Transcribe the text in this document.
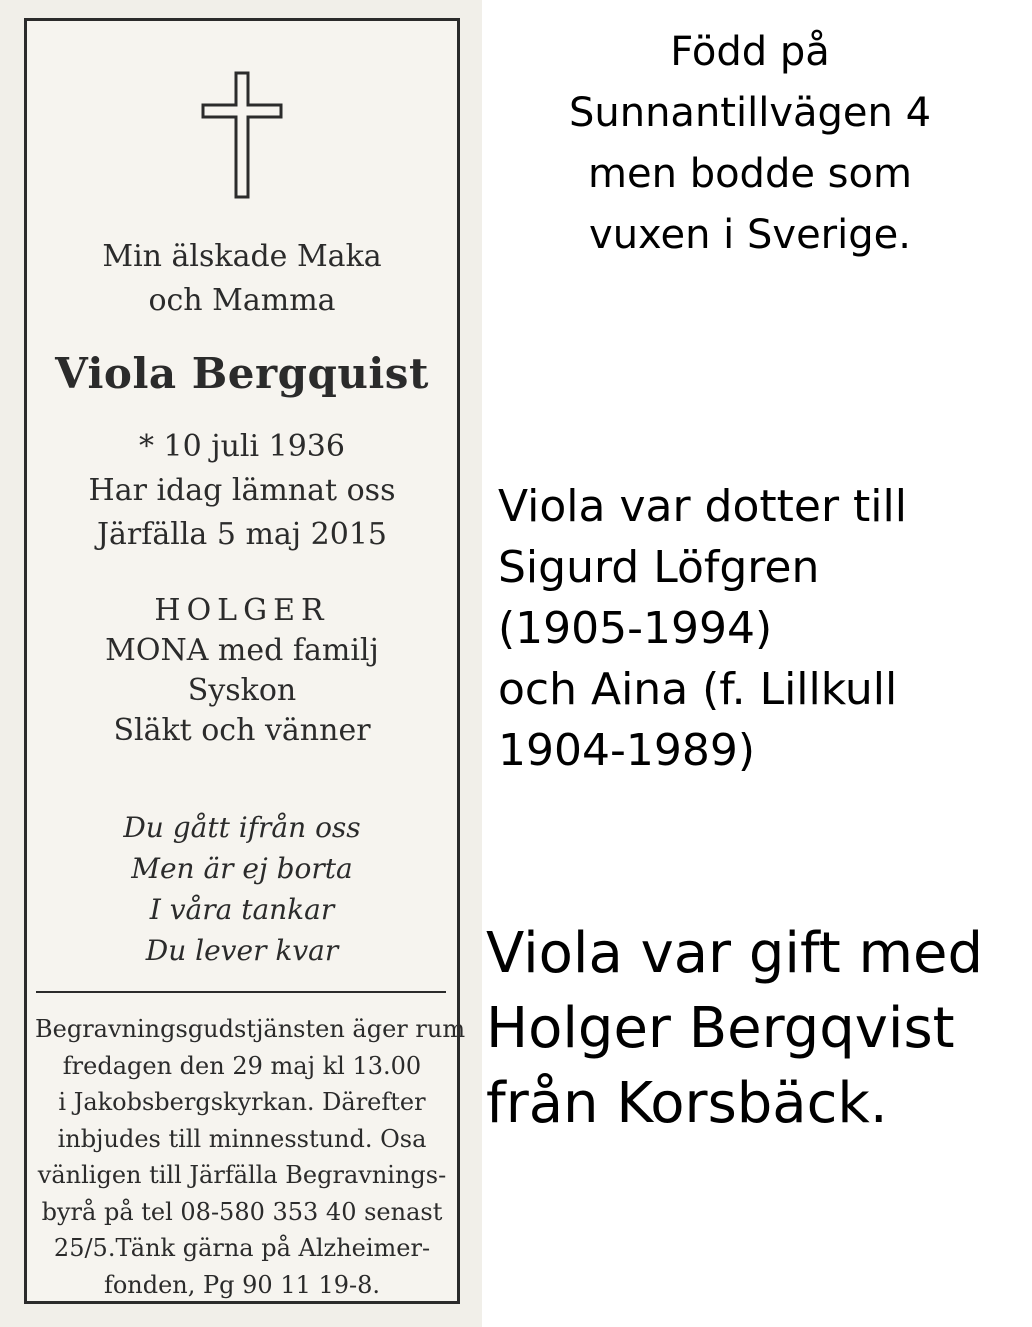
Min älskade Maka
och Mamma
Viola Bergquist
* 10 juli 1936
Har idag lämnat oss
Järfälla 5 maj 2015
HOLGER
MONA med familj
Syskon
Släkt och vänner
Du gått ifrån oss
Men är ej borta
I våra tankar
Du lever kvar
Begravningsgudstjänsten äger rum
fredagen den 29 maj kl 13.00
i Jakobsbergskyrkan. Därefter
inbjudes till minnesstund. Osa
vänligen till Järfälla Begravnings-
byrå på tel 08-580 353 40 senast
25/5.Tänk gärna på Alzheimer-
fonden, Pg 90 11 19-8.
Född på
Sunnantillvägen 4
men bodde som
vuxen i Sverige.
Viola var dotter till
Sigurd Löfgren
(1905-1994)
och Aina (f. Lillkull
1904-1989)
Viola var gift med
Holger Bergqvist
från Korsbäck.
